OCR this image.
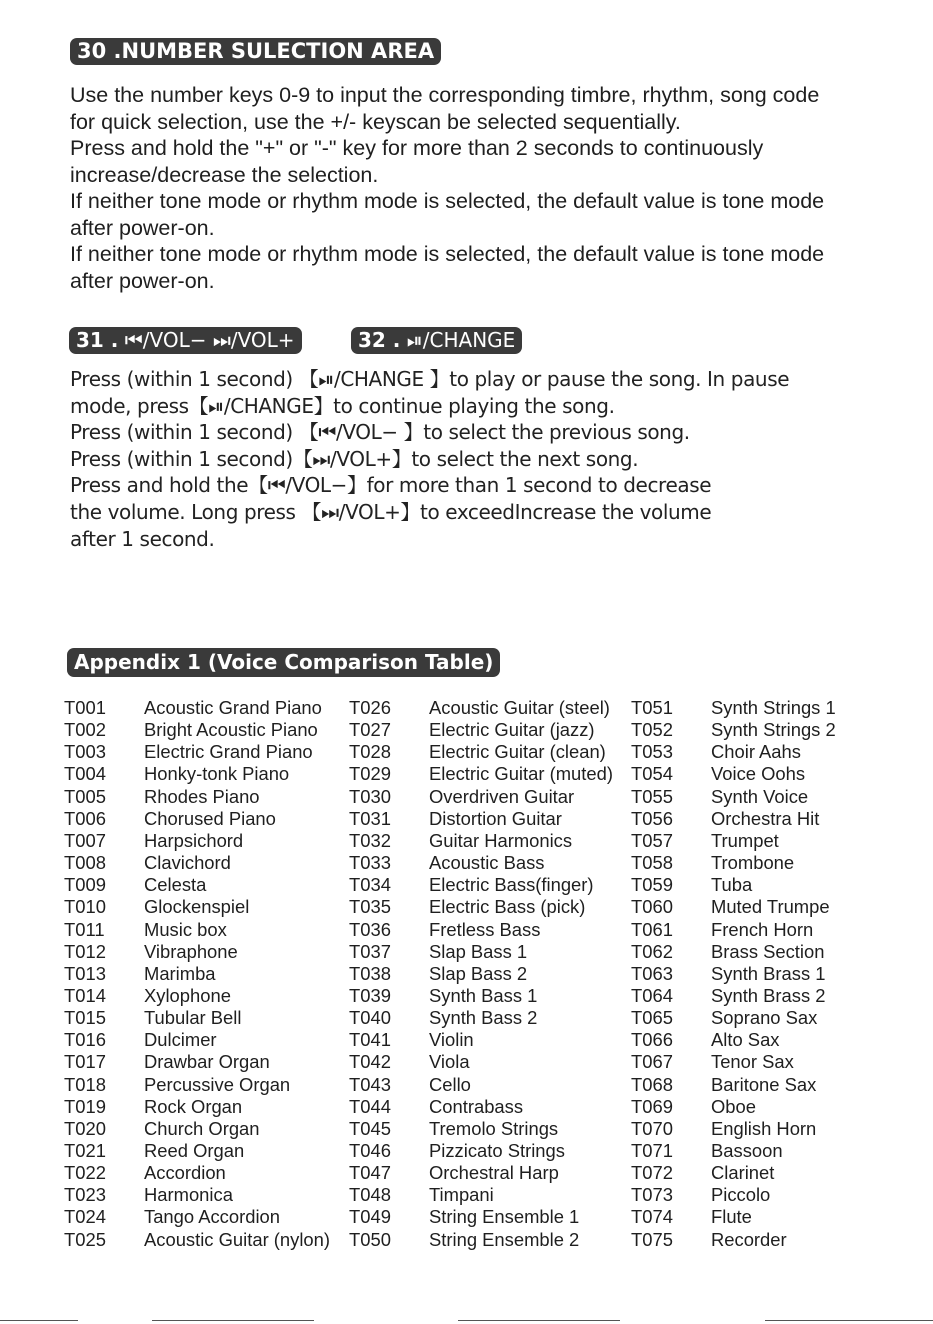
30 .NUMBER SULECTION AREA
Use the number keys 0-9 to input the corresponding timbre, rhythm, song code
for quick selection, use the +/- keyscan be selected sequentially.
Press and hold the "+" or "-" key for more than 2 seconds to continuously
increase/decrease the selection.
If neither tone mode or rhythm mode is selected, the default value is tone mode
after power-on.
If neither tone mode or rhythm mode is selected, the default value is tone mode
after power-on.
31 . ⏮/VOL− ⏭/VOL+	32 . ⏯/CHANGE
Press (within 1 second) 【⏯/CHANGE 】to play or pause the song. In pause
mode, press【⏯/CHANGE】to continue playing the song.
Press (within 1 second) 【⏮/VOL− 】to select the previous song.
Press (within 1 second)【⏭/VOL+】to select the next song.
Press and hold the【⏮/VOL−】for more than 1 second to decrease
the volume. Long press 【⏭/VOL+】to exceedIncrease the volume
after 1 second.
Appendix 1 (Voice Comparison Table)
T001 Acoustic Grand Piano T026 Acoustic Guitar (steel) T051 Synth Strings 1
T002 Bright Acoustic Piano T027 Electric Guitar (jazz) T052 Synth Strings 2
T003 Electric Grand Piano T028 Electric Guitar (clean) T053 Choir Aahs
T004 Honky-tonk Piano	T029 Electric Guitar (muted) T054 Voice Oohs
T005 Rhodes Piano	T030 Overdriven Guitar	T055 Synth Voice
T006 Chorused Piano	T031 Distortion Guitar	T056 Orchestra Hit
T007 Harpsichord	T032 Guitar Harmonics	T057 Trumpet
T008 Clavichord	T033 Acoustic Bass	T058 Trombone
T009 Celesta	T034 Electric Bass(finger) T059 Tuba
T010 Glockenspiel	T035 Electric Bass (pick) T060 Muted Trumpe
T011 Music box	T036 Fretless Bass	T061 French Horn
T012 Vibraphone	T037 Slap Bass 1	T062 Brass Section
T013 Marimba	T038 Slap Bass 2	T063 Synth Brass 1
T014 Xylophone	T039 Synth Bass 1	T064 Synth Brass 2
T015 Tubular Bell	T040 Synth Bass 2	T065 Soprano Sax
T016 Dulcimer	T041 Violin	T066 Alto Sax
T017 Drawbar Organ	T042 Viola	T067 Tenor Sax
T018 Percussive Organ	T043 Cello	T068 Baritone Sax
T019 Rock Organ	T044 Contrabass	T069 Oboe
T020 Church Organ	T045 Tremolo Strings	T070 English Horn
T021 Reed Organ	T046 Pizzicato Strings	T071 Bassoon
T022 Accordion	T047 Orchestral Harp	T072 Clarinet
T023 Harmonica	T048 Timpani	T073 Piccolo
T024 Tango Accordion	T049 String Ensemble 1	T074 Flute
T025 Acoustic Guitar (nylon) T050 String Ensemble 2	T075 Recorder
